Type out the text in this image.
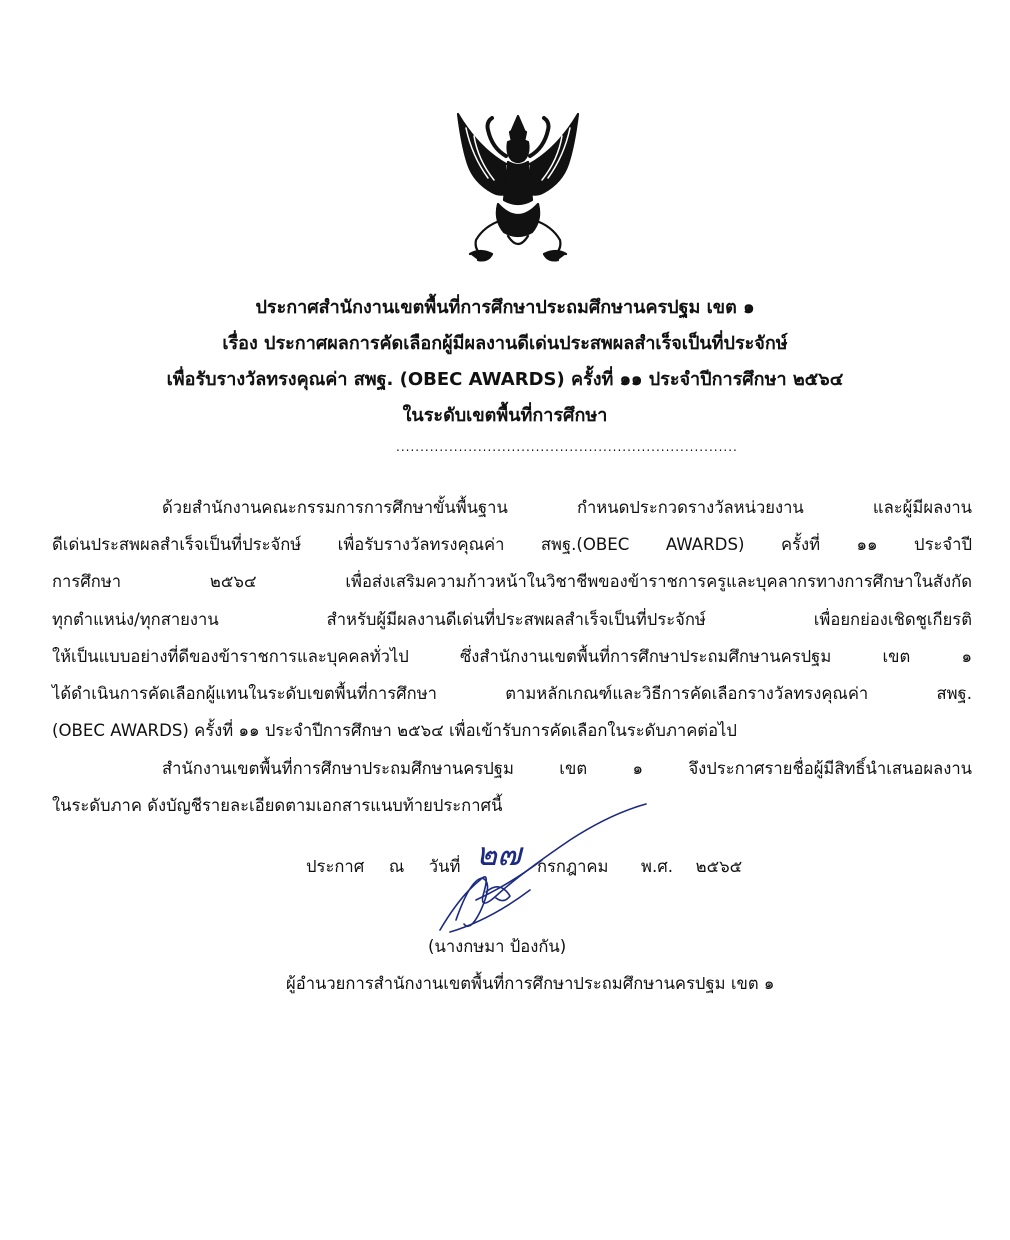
ประกาศสำนักงานเขตพื้นที่การศึกษาประถมศึกษานครปฐม เขต ๑
เรื่อง ประกาศผลการคัดเลือกผู้มีผลงานดีเด่นประสพผลสำเร็จเป็นที่ประจักษ์
เพื่อรับรางวัลทรงคุณค่า สพฐ. (OBEC AWARDS) ครั้งที่ ๑๑ ประจำปีการศึกษา ๒๕๖๔
ในระดับเขตพื้นที่การศึกษา
.......................................................................
ด้วยสำนักงานคณะกรรมการการศึกษาขั้นพื้นฐาน กำหนดประกวดรางวัลหน่วยงาน และผู้มีผลงาน
ดีเด่นประสพผลสำเร็จเป็นที่ประจักษ์ เพื่อรับรางวัลทรงคุณค่า สพฐ.(OBEC AWARDS) ครั้งที่ ๑๑ ประจำปี
การศึกษา ๒๕๖๔ เพื่อส่งเสริมความก้าวหน้าในวิชาชีพของข้าราชการครูและบุคลากรทางการศึกษาในสังกัด
ทุกตำแหน่ง/ทุกสายงาน สำหรับผู้มีผลงานดีเด่นที่ประสพผลสำเร็จเป็นที่ประจักษ์ เพื่อยกย่องเชิดชูเกียรติ
ให้เป็นแบบอย่างที่ดีของข้าราชการและบุคคลทั่วไป ซึ่งสำนักงานเขตพื้นที่การศึกษาประถมศึกษานครปฐม เขต ๑
ได้ดำเนินการคัดเลือกผู้แทนในระดับเขตพื้นที่การศึกษา ตามหลักเกณฑ์และวิธีการคัดเลือกรางวัลทรงคุณค่า สพฐ.
(OBEC AWARDS) ครั้งที่ ๑๑ ประจำปีการศึกษา ๒๕๖๔ เพื่อเข้ารับการคัดเลือกในระดับภาคต่อไป
สำนักงานเขตพื้นที่การศึกษาประถมศึกษานครปฐม เขต ๑ จึงประกาศรายชื่อผู้มีสิทธิ์นำเสนอผลงาน
ในระดับภาค ดังบัญชีรายละเอียดตามเอกสารแนบท้ายประกาศนี้
ประกาศ ณ วันที่	กรกฎาคม พ.ศ. ๒๕๖๕
๒๗
(นางกษมา ป้องกัน)
ผู้อำนวยการสำนักงานเขตพื้นที่การศึกษาประถมศึกษานครปฐม เขต ๑
